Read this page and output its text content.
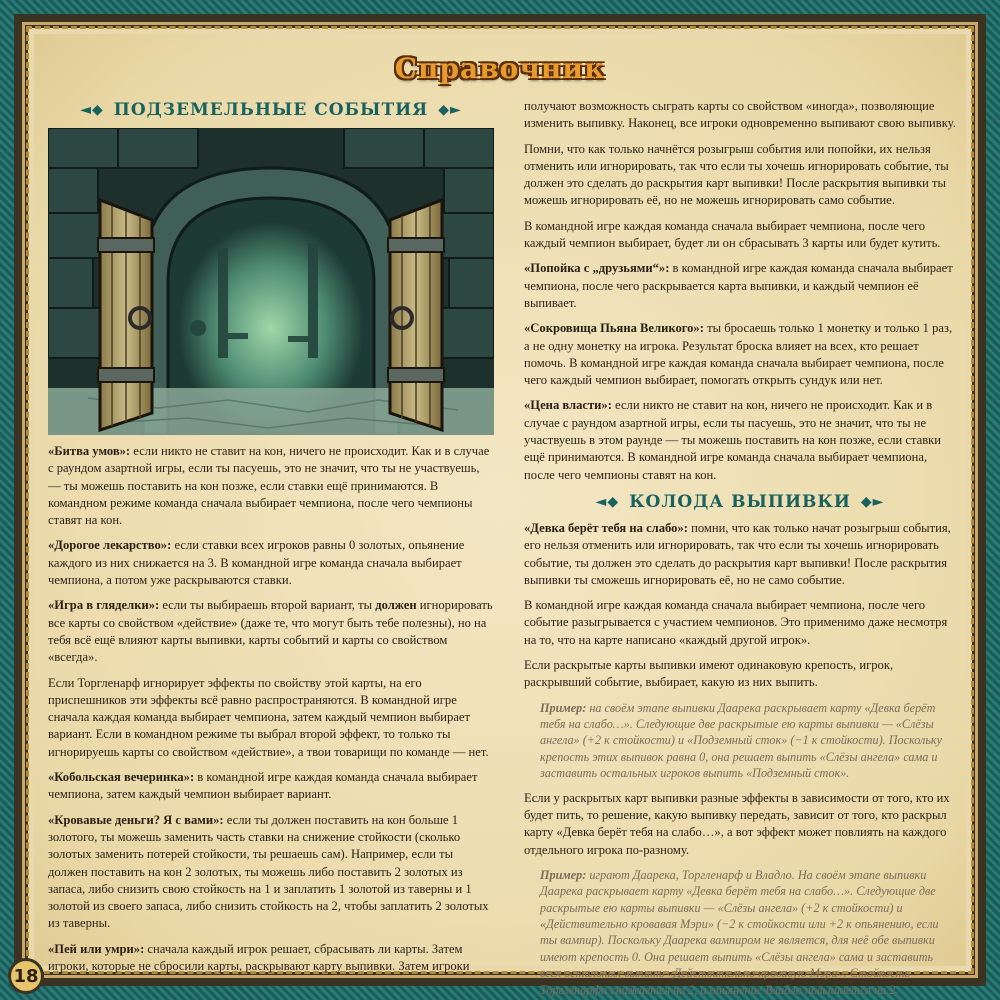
Справочник
◄◆ ПОДЗЕМЕЛЬНЫЕ СОБЫТИЯ ◆►

«Битва умов»: если никто не ставит на кон, ничего не происходит. Как и в случае с раундом азартной игры, если ты пасуешь, это не значит, что ты не участвуешь, — ты можешь поставить на кон позже, если ставки ещё принимаются. В командном режиме команда сначала выбирает чемпиона, после чего чемпионы ставят на кон.

«Дорогое лекарство»: если ставки всех игроков равны 0 золотых, опьянение каждого из них снижается на 3. В командной игре команда сначала выбирает чемпиона, а потом уже раскрываются ставки.

«Игра в гляделки»: если ты выбираешь второй вариант, ты должен игнорировать все карты со свойством «действие» (даже те, что могут быть тебе полезны), но на тебя всё ещё влияют карты выпивки, карты событий и карты со свойством «всегда».

Если Торгленарф игнорирует эффекты по свойству этой карты, на его приспешников эти эффекты всё равно распространяются. В командной игре сначала каждая команда выбирает чемпиона, затем каждый чемпион выбирает вариант. Если в командном режиме ты выбрал второй эффект, то только ты игнорируешь карты со свойством «действие», а твои товарищи по команде — нет.

«Кобольская вечеринка»: в командной игре каждая команда сначала выбирает чемпиона, затем каждый чемпион выбирает вариант.

«Кровавые деньги? Я с вами»: если ты должен поставить на кон больше 1 золотого, ты можешь заменить часть ставки на снижение стойкости (сколько золотых заменить потерей стойкости, ты решаешь сам). Например, если ты должен поставить на кон 2 золотых, ты можешь либо поставить 2 золотых из запаса, либо снизить свою стойкость на 1 и заплатить 1 золотой из таверны и 1 золотой из своего запаса, либо снизить стойкость на 2, чтобы заплатить 2 золотых из таверны.

«Пей или умри»: сначала каждый игрок решает, сбрасывать ли карты. Затем игроки, которые не сбросили карты, раскрывают карту выпивки. Затем игроки

получают возможность сыграть карты со свойством «иногда», позволяющие изменить выпивку. Наконец, все игроки одновременно выпивают свою выпивку.

Помни, что как только начнётся розыгрыш события или попойки, их нельзя отменить или игнорировать, так что если ты хочешь игнорировать событие, ты должен это сделать до раскрытия карт выпивки! После раскрытия выпивки ты можешь игнорировать её, но не можешь игнорировать само событие.

В командной игре каждая команда сначала выбирает чемпиона, после чего каждый чемпион выбирает, будет ли он сбрасывать 3 карты или будет кутить.

«Попойка с „друзьями“»: в командной игре каждая команда сначала выбирает чемпиона, после чего раскрывается карта выпивки, и каждый чемпион её выпивает.

«Сокровища Пьяна Великого»: ты бросаешь только 1 монетку и только 1 раз, а не одну монетку на игрока. Результат броска влияет на всех, кто решает помочь. В командной игре каждая команда сначала выбирает чемпиона, после чего каждый чемпион выбирает, помогать открыть сундук или нет.

«Цена власти»: если никто не ставит на кон, ничего не происходит. Как и в случае с раундом азартной игры, если ты пасуешь, это не значит, что ты не участвуешь в этом раунде — ты можешь поставить на кон позже, если ставки ещё принимаются. В командной игре команда сначала выбирает чемпиона, после чего чемпионы ставят на кон.

◄◆ КОЛОДА ВЫПИВКИ ◆►

«Девка берёт тебя на слабо»: помни, что как только начат розыгрыш события, его нельзя отменить или игнорировать, так что если ты хочешь игнорировать событие, ты должен это сделать до раскрытия карт выпивки! После раскрытия выпивки ты сможешь игнорировать её, но не само событие.

В командной игре каждая команда сначала выбирает чемпиона, после чего событие разыгрывается с участием чемпионов. Это применимо даже несмотря на то, что на карте написано «каждый другой игрок».

Если раскрытые карты выпивки имеют одинаковую крепость, игрок, раскрывший событие, выбирает, какую из них выпить.

Пример: на своём этапе выпивки Даарека раскрывает карту «Девка берёт тебя на слабо…». Следующие две раскрытые ею карты выпивки — «Слёзы ангела» (+2 к стойкости) и «Подземный сток» (−1 к стойкости). Поскольку крепость этих выпивок равна 0, она решает выпить «Слёзы ангела» сама и заставить остальных игроков выпить «Подземный сток».

Если у раскрытых карт выпивки разные эффекты в зависимости от того, кто их будет пить, то решение, какую выпивку передать, зависит от того, кто раскрыл карту «Девка берёт тебя на слабо…», а вот эффект может повлиять на каждого отдельного игрока по-разному.

Пример: играют Даарека, Торгленарф и Владло. На своём этапе выпивки Даарека раскрывает карту «Девка берёт тебя на слабо…». Следующие две раскрытые ею карты выпивки — «Слёзы ангела» (+2 к стойкости) и «Действительно кровавая Мэри» (−2 к стойкости или +2 к опьянению, если ты вампир). Поскольку Даарека вампиром не является, для неё обе выпивки имеют крепость 0. Она решает выпить «Слёзы ангела» сама и заставить всех остальных выпить «Действительно кровавую Мэри». Стойкость Торгленарфа снижается на 2, а опьянение Владло повышается на 2.

18
